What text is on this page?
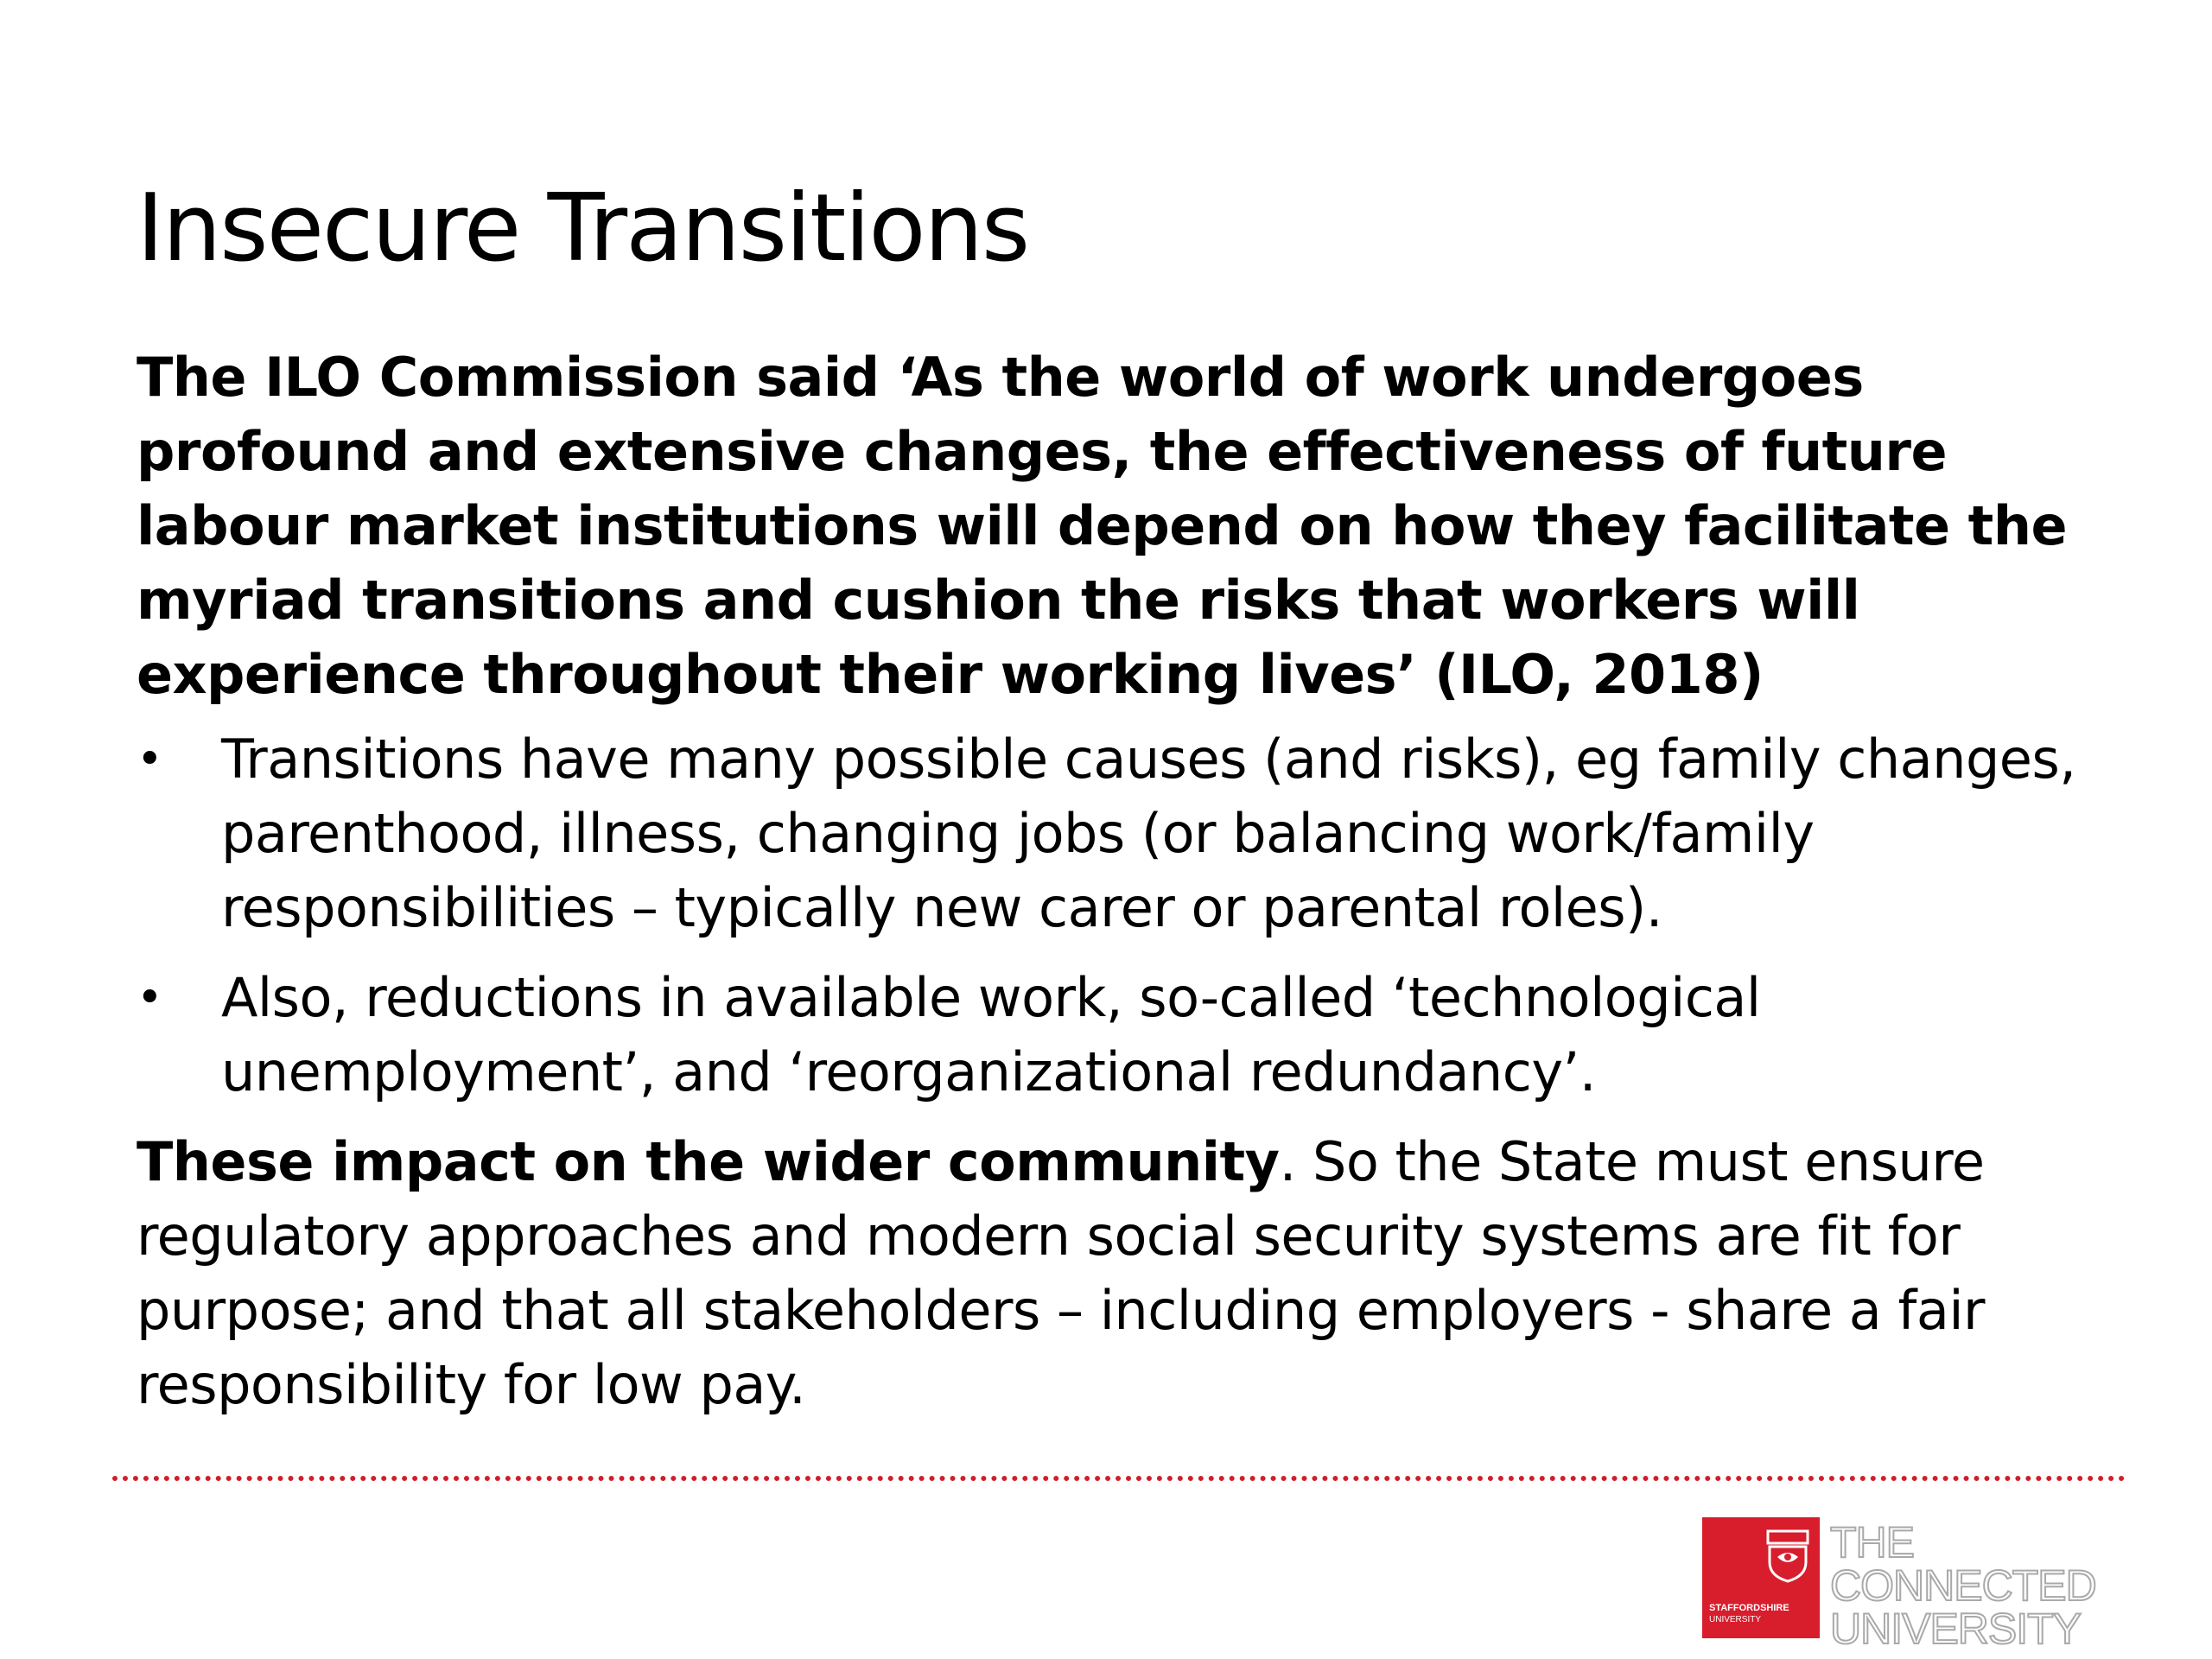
Insecure Transitions

The ILO Commission said ‘As the world of work undergoes profound and extensive changes, the effectiveness of future labour market institutions will depend on how they facilitate the myriad transitions and cushion the risks that workers will experience throughout their working lives’ (ILO, 2018)

• Transitions have many possible causes (and risks), eg family changes, parenthood, illness, changing jobs (or balancing work/family responsibilities – typically new carer or parental roles).
• Also, reductions in available work, so-called ‘technological unemployment’, and ‘reorganizational redundancy’.

These impact on the wider community. So the State must ensure regulatory approaches and modern social security systems are fit for purpose; and that all stakeholders – including employers - share a fair responsibility for low pay.

STAFFORDSHIRE
UNIVERSITY
THE
CONNECTED
UNIVERSITY
